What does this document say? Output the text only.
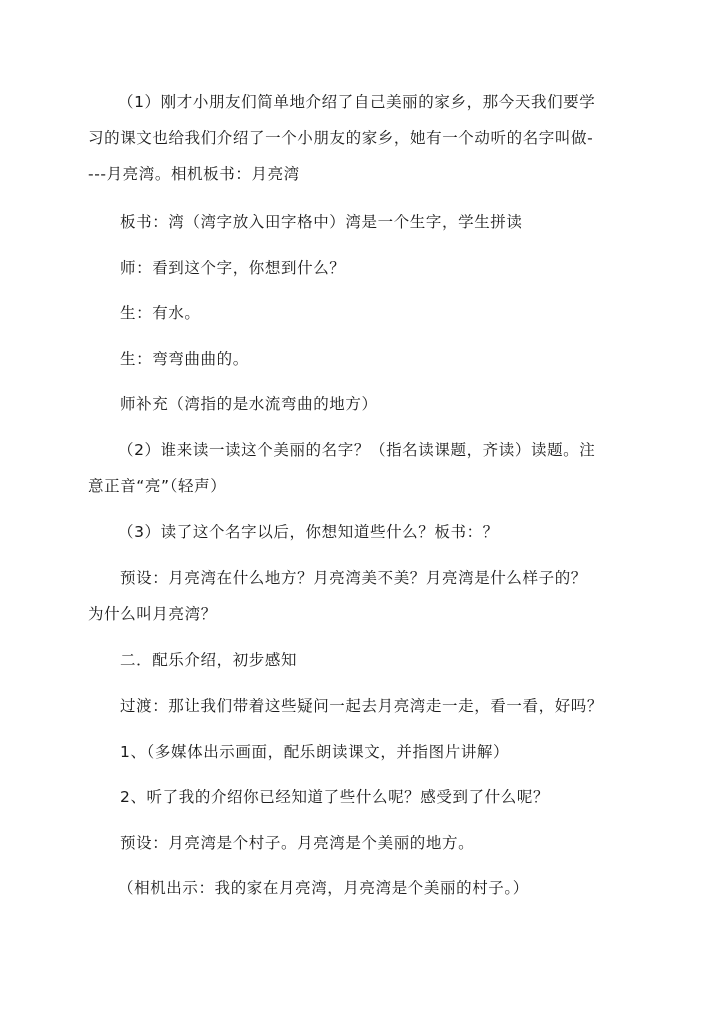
（1）刚才小朋友们简单地介绍了自己美丽的家乡，那今天我们要学
习的课文也给我们介绍了一个小朋友的家乡，她有一个动听的名字叫做-
---月亮湾。相机板书：月亮湾
板书：湾（湾字放入田字格中）湾是一个生字，学生拼读
师：看到这个字，你想到什么？
生：有水。
生：弯弯曲曲的。
师补充（湾指的是水流弯曲的地方）
（2）谁来读一读这个美丽的名字？（指名读课题，齐读）读题。注
意正音“亮”（轻声）
（3）读了这个名字以后，你想知道些什么？板书：？
预设：月亮湾在什么地方？月亮湾美不美？月亮湾是什么样子的？
为什么叫月亮湾？
二．配乐介绍，初步感知
过渡：那让我们带着这些疑问一起去月亮湾走一走，看一看，好吗？
1、（多媒体出示画面，配乐朗读课文，并指图片讲解）
2、听了我的介绍你已经知道了些什么呢？感受到了什么呢？
预设：月亮湾是个村子。月亮湾是个美丽的地方。
（相机出示：我的家在月亮湾，月亮湾是个美丽的村子。）
